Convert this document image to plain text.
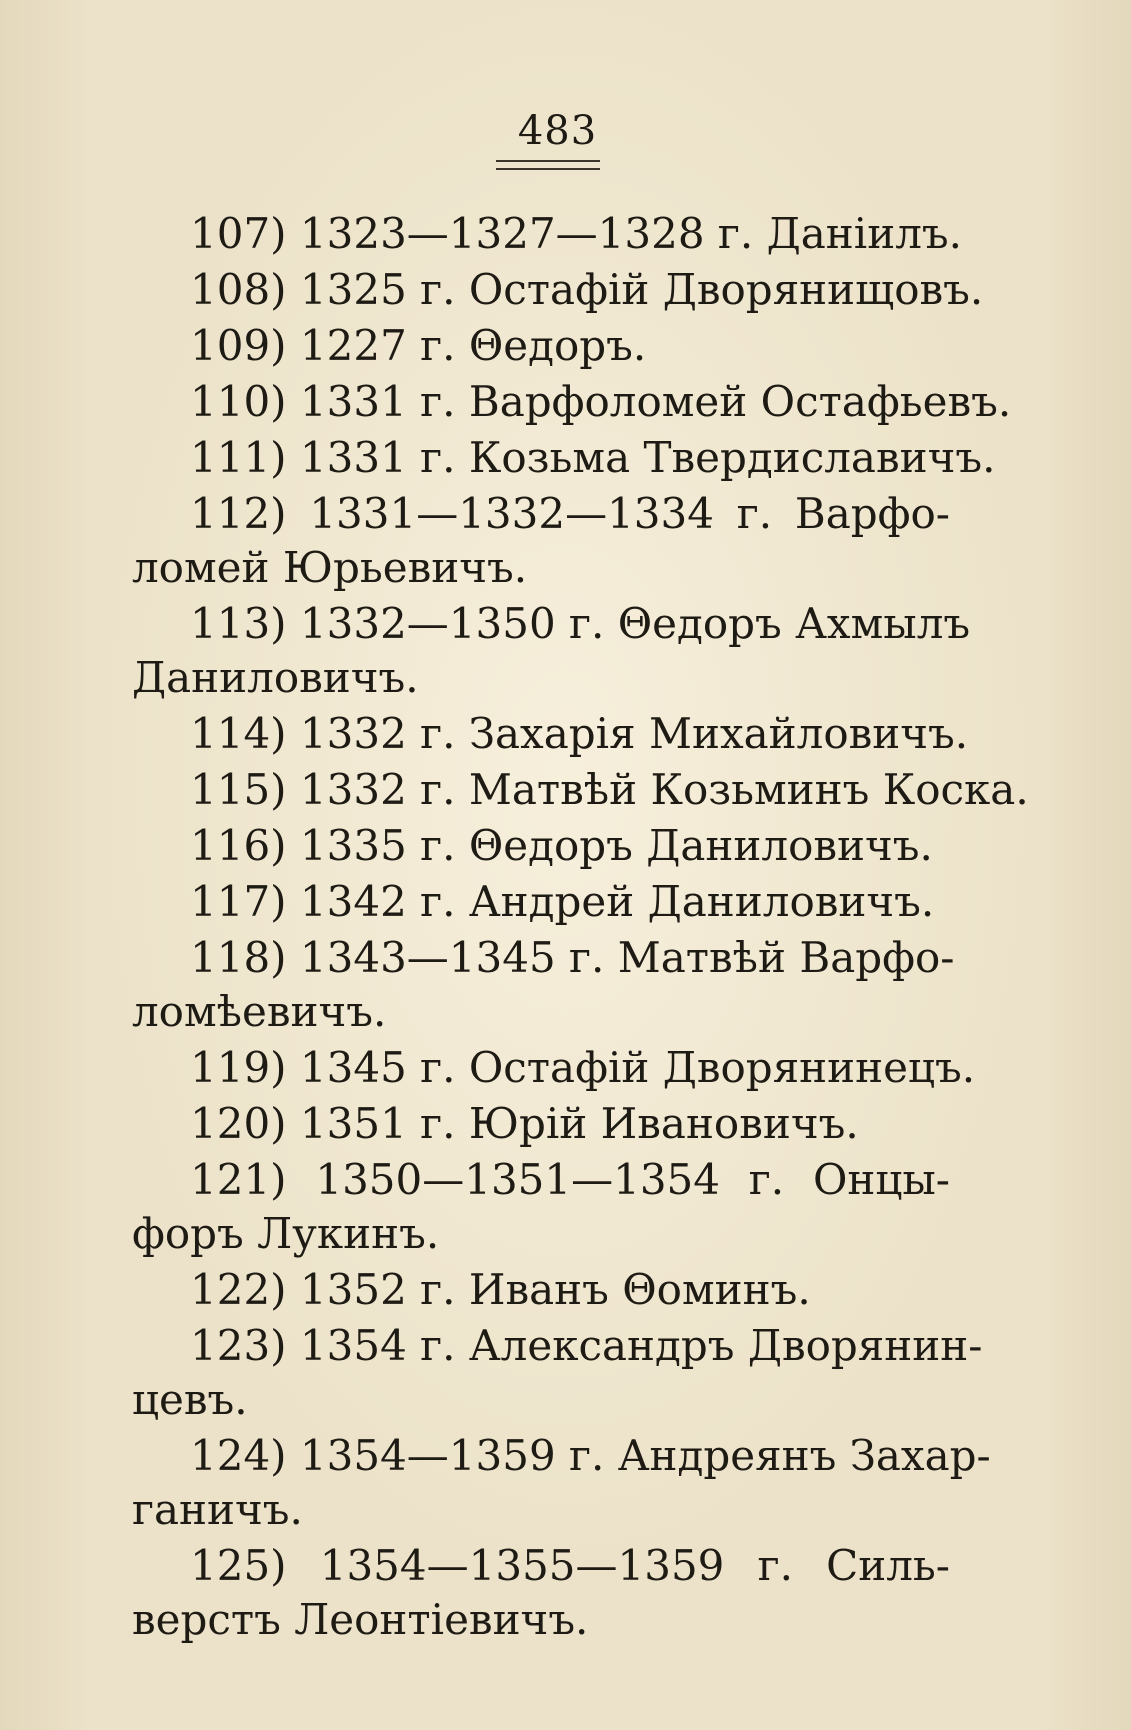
483
107) 1323—1327—1328 г. Данiилъ.
108) 1325 г. Остафiй Дворянищовъ.
109) 1227 г. Θедоръ.
110) 1331 г. Варфоломей Остафьевъ.
111) 1331 г. Козьма Твердиславичъ.
112) 1331—1332—1334 г. Варфо-
ломей Юрьевичъ.
113) 1332—1350 г. Θедоръ Ахмылъ
Даниловичъ.
114) 1332 г. Захарiя Михайловичъ.
115) 1332 г. Матвѣй Козьминъ Коска.
116) 1335 г. Θедоръ Даниловичъ.
117) 1342 г. Андрей Даниловичъ.
118) 1343—1345 г. Матвѣй Варфо-
ломѣевичъ.
119) 1345 г. Остафiй Дворянинецъ.
120) 1351 г. Юрiй Ивановичъ.
121) 1350—1351—1354 г. Онцы-
форъ Лукинъ.
122) 1352 г. Иванъ Θоминъ.
123) 1354 г. Александръ Дворянин-
цевъ.
124) 1354—1359 г. Андреянъ Захар-
ганичъ.
125) 1354—1355—1359 г. Силь-
верстъ Леонтiевичъ.
